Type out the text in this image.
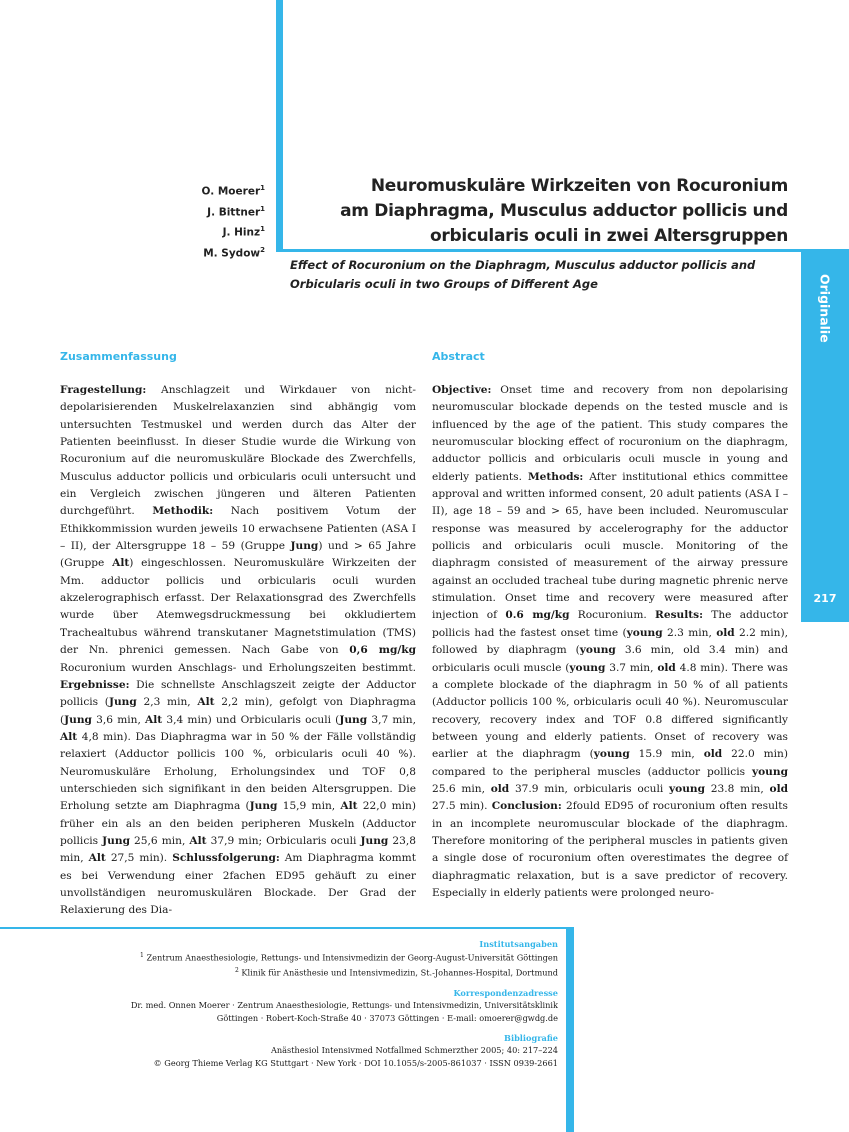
Originalie
217
O. Moerer$^1$
J. Bittner$^1$
J. Hinz$^1$
M. Sydow$^2$
Neuromuskuläre Wirkzeiten von Rocuronium
am Diaphragma, Musculus adductor pollicis und
orbicularis oculi in zwei Altersgruppen
Effect of Rocuronium on the Diaphragm, Musculus adductor pollicis and
Orbicularis oculi in two Groups of Different Age
Zusammenfassung

Fragestellung: Anschlagzeit und Wirkdauer von nicht-depolarisierenden Muskelrelaxanzien sind abhängig vom untersuchten Testmuskel und werden durch das Alter der Patienten beeinflusst. In dieser Studie wurde die Wirkung von Rocuronium auf die neuromuskuläre Blockade des Zwerchfells, Musculus adductor pollicis und orbicularis oculi untersucht und ein Vergleich zwischen jüngeren und älteren Patienten durchgeführt. Methodik: Nach positivem Votum der Ethikkommission wurden jeweils 10 erwachsene Patienten (ASA I – II), der Altersgruppe 18 – 59 (Gruppe Jung) und > 65 Jahre (Gruppe Alt) eingeschlossen. Neuromuskuläre Wirkzeiten der Mm. adductor pollicis und orbicularis oculi wurden akzelerographisch erfasst. Der Relaxationsgrad des Zwerchfells wurde über Atemwegsdruckmessung bei okkludiertem Trachealtubus während transkutaner Magnetstimulation (TMS) der Nn. phrenici gemessen. Nach Gabe von 0,6 mg/kg Rocuronium wurden Anschlags- und Erholungszeiten bestimmt. Ergebnisse: Die schnellste Anschlagszeit zeigte der Adductor pollicis (Jung 2,3 min, Alt 2,2 min), gefolgt von Diaphragma (Jung 3,6 min, Alt 3,4 min) und Orbicularis oculi (Jung 3,7 min, Alt 4,8 min). Das Diaphragma war in 50 % der Fälle vollständig relaxiert (Adductor pollicis 100 %, orbicularis oculi 40 %). Neuromuskuläre Erholung, Erholungsindex und TOF 0,8 unterschieden sich signifikant in den beiden Altersgruppen. Die Erholung setzte am Diaphragma (Jung 15,9 min, Alt 22,0 min) früher ein als an den beiden peripheren Muskeln (Adductor pollicis Jung 25,6 min, Alt 37,9 min; Orbicularis oculi Jung 23,8 min, Alt 27,5 min). Schlussfolgerung: Am Diaphragma kommt es bei Verwendung einer 2fachen ED95 gehäuft zu einer unvollständigen neuromuskulären Blockade. Der Grad der Relaxierung des Dia-

Abstract

Objective: Onset time and recovery from non depolarising neuromuscular blockade depends on the tested muscle and is influenced by the age of the patient. This study compares the neuromuscular blocking effect of rocuronium on the diaphragm, adductor pollicis and orbicularis oculi muscle in young and elderly patients. Methods: After institutional ethics committee approval and written informed consent, 20 adult patients (ASA I – II), age 18 – 59 and > 65, have been included. Neuromuscular response was measured by accelerography for the adductor pollicis and orbicularis oculi muscle. Monitoring of the diaphragm consisted of measurement of the airway pressure against an occluded tracheal tube during magnetic phrenic nerve stimulation. Onset time and recovery were measured after injection of 0.6 mg/kg Rocuronium. Results: The adductor pollicis had the fastest onset time (young 2.3 min, old 2.2 min), followed by diaphragm (young 3.6 min, old 3.4 min) and orbicularis oculi muscle (young 3.7 min, old 4.8 min). There was a complete blockade of the diaphragm in 50 % of all patients (Adductor pollicis 100 %, orbicularis oculi 40 %). Neuromuscular recovery, recovery index and TOF 0.8 differed significantly between young and elderly patients. Onset of recovery was earlier at the diaphragm (young 15.9 min, old 22.0 min) compared to the peripheral muscles (adductor pollicis young 25.6 min, old 37.9 min, orbicularis oculi young 23.8 min, old 27.5 min). Conclusion: 2fould ED95 of rocuronium often results in an incomplete neuromuscular blockade of the diaphragm. Therefore monitoring of the peripheral muscles in patients given a single dose of rocuronium often overestimates the degree of diaphragmatic relaxation, but is a save predictor of recovery. Especially in elderly patients were prolonged neuro-

Institutsangaben
$^1$ Zentrum Anaesthesiologie, Rettungs- und Intensivmedizin der Georg-August-Universität Göttingen
$^2$ Klinik für Anästhesie und Intensivmedizin, St.-Johannes-Hospital, Dortmund
Korrespondenzadresse
Dr. med. Onnen Moerer · Zentrum Anaesthesiologie, Rettungs- und Intensivmedizin, Universitätsklinik
Göttingen · Robert-Koch-Straße 40 · 37073 Göttingen · E-mail: omoerer@gwdg.de
Bibliografie
Anästhesiol Intensivmed Notfallmed Schmerzther 2005; 40: 217–224
© Georg Thieme Verlag KG Stuttgart · New York · DOI 10.1055/s-2005-861037 · ISSN 0939-2661
